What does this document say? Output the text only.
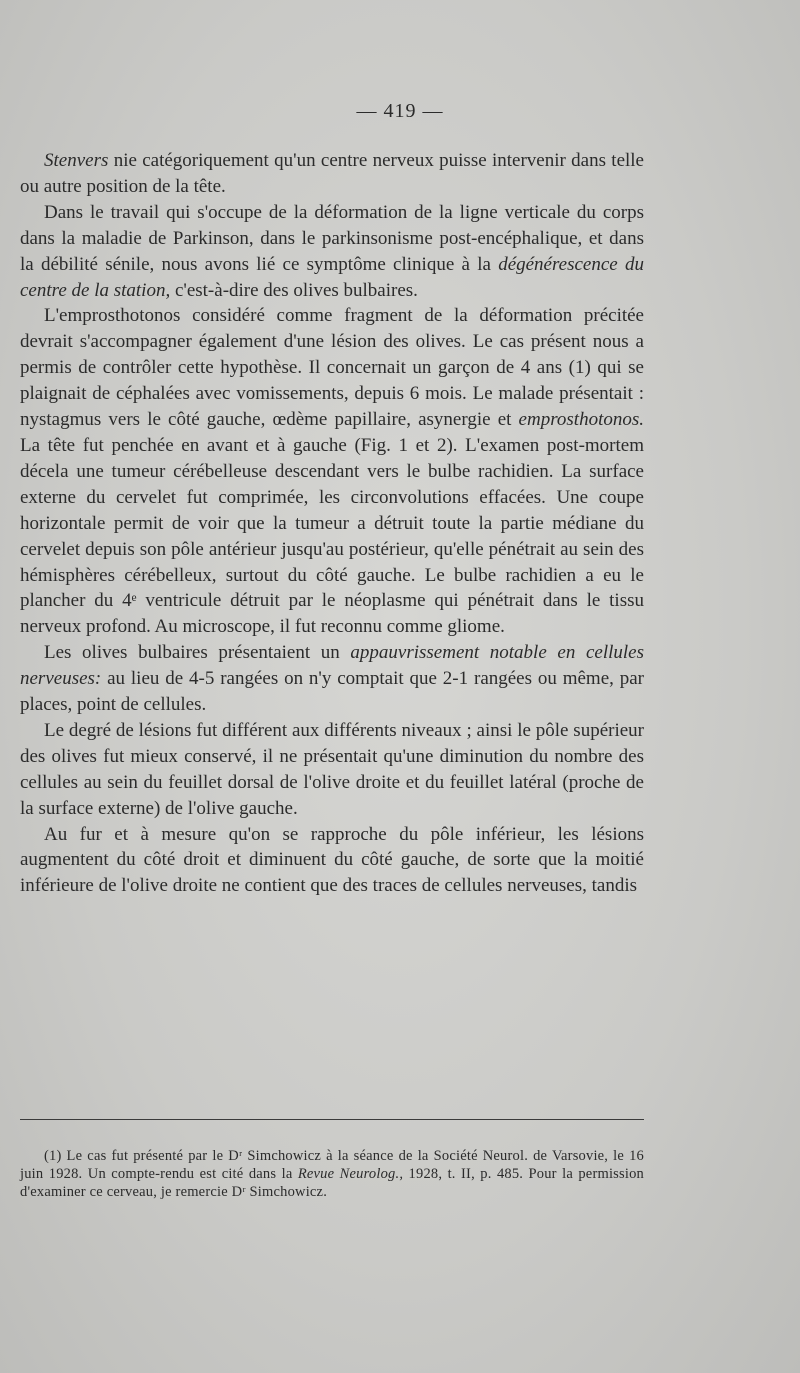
— 419 —

Stenvers nie catégoriquement qu'un centre nerveux puisse intervenir dans telle ou autre position de la tête.

Dans le travail qui s'occupe de la déformation de la ligne verticale du corps dans la maladie de Parkinson, dans le parkinsonisme post-encéphalique, et dans la débilité sénile, nous avons lié ce symptôme clinique à la dégénérescence du centre de la station, c'est-à-dire des olives bulbaires.

L'emprosthotonos considéré comme fragment de la déformation précitée devrait s'accompagner également d'une lésion des olives. Le cas présent nous a permis de contrôler cette hypothèse. Il concernait un garçon de 4 ans (1) qui se plaignait de céphalées avec vomissements, depuis 6 mois. Le malade présentait : nystagmus vers le côté gauche, œdème papillaire, asynergie et emprosthotonos. La tête fut penchée en avant et à gauche (Fig. 1 et 2). L'examen post-mortem décela une tumeur cérébelleuse descendant vers le bulbe rachidien. La surface externe du cervelet fut comprimée, les circonvolutions effacées. Une coupe horizontale permit de voir que la tumeur a détruit toute la partie médiane du cervelet depuis son pôle antérieur jusqu'au postérieur, qu'elle pénétrait au sein des hémisphères cérébelleux, surtout du côté gauche. Le bulbe rachidien a eu le plancher du 4ᵉ ventricule détruit par le néoplasme qui pénétrait dans le tissu nerveux profond. Au microscope, il fut reconnu comme gliome.

Les olives bulbaires présentaient un appauvrissement notable en cellules nerveuses: au lieu de 4-5 rangées on n'y comptait que 2-1 rangées ou même, par places, point de cellules.

Le degré de lésions fut différent aux différents niveaux ; ainsi le pôle supérieur des olives fut mieux conservé, il ne présentait qu'une diminution du nombre des cellules au sein du feuillet dorsal de l'olive droite et du feuillet latéral (proche de la surface externe) de l'olive gauche.

Au fur et à mesure qu'on se rapproche du pôle inférieur, les lésions augmentent du côté droit et diminuent du côté gauche, de sorte que la moitié inférieure de l'olive droite ne contient que des traces de cellules nerveuses, tandis

(1) Le cas fut présenté par le Dʳ Simchowicz à la séance de la Société Neurol. de Varsovie, le 16 juin 1928. Un compte-rendu est cité dans la Revue Neurolog., 1928, t. II, p. 485. Pour la permission d'examiner ce cerveau, je remercie Dʳ Simchowicz.
